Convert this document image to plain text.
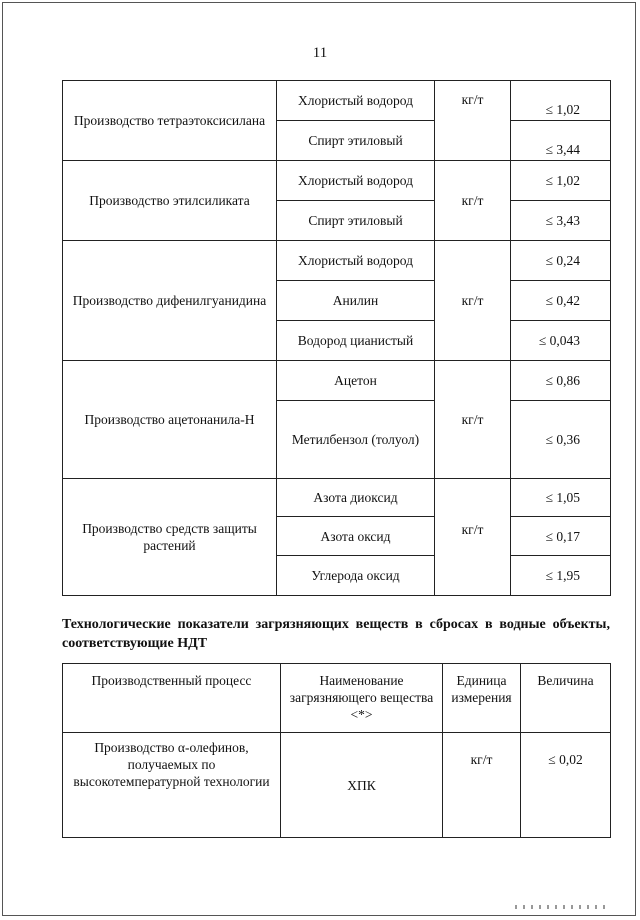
11
Производство тетраэтоксисилана	Хлористый водород	кг/т	≤ 1,02
	Спирт этиловый		≤ 3,44
Производство этилсиликата	Хлористый водород	кг/т	≤ 1,02
	Спирт этиловый		≤ 3,43
Производство дифенилгуанидина	Хлористый водород	кг/т	≤ 0,24
	Анилин		≤ 0,42
	Водород цианистый		≤ 0,043
Производство ацетонанила-Н	Ацетон	кг/т	≤ 0,86
	Метилбензол (толуол)		≤ 0,36
Производство средств защиты растений	Азота диоксид	кг/т	≤ 1,05
	Азота оксид		≤ 0,17
	Углерода оксид		≤ 1,95
Технологические показатели загрязняющих веществ в сбросах в водные объекты, соответствующие НДТ
Производственный процесс	Наименование загрязняющего вещества <*>	Единица измерения	Величина
Производство α-олефинов, получаемых по высокотемпературной технологии	ХПК	кг/т	≤ 0,02
